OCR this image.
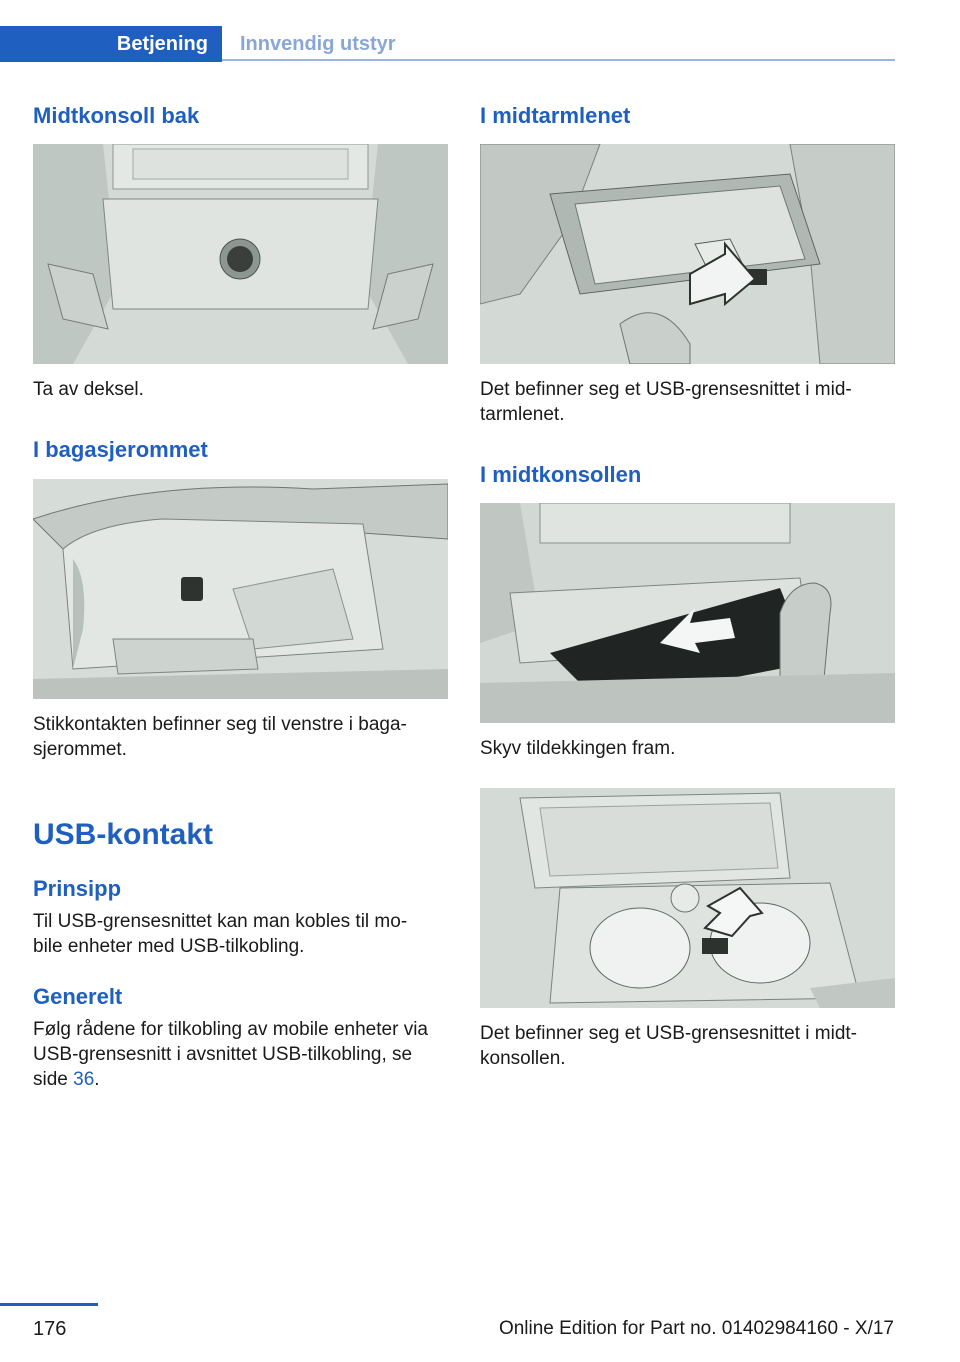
Betjening	Innvendig utstyr
Midtkonsoll bak

Ta av deksel.

I bagasjerommet

Stikkontakten befinner seg til venstre i baga‐
sjerommet.

USB-kontakt
Prinsipp

Til USB-grensesnittet kan man kobles til mo‐
bile enheter med USB-tilkobling.

Generelt

Følg rådene for tilkobling av mobile enheter via
USB-grensesnitt i avsnittet USB-tilkobling, se
side 36.

I midtarmlenet

Det befinner seg et USB-grensesnittet i mid‐
tarmlenet.

I midtkonsollen

Skyv tildekkingen fram.

Det befinner seg et USB-grensesnittet i midt‐
konsollen.

176	Online Edition for Part no. 01402984160 - X/17
